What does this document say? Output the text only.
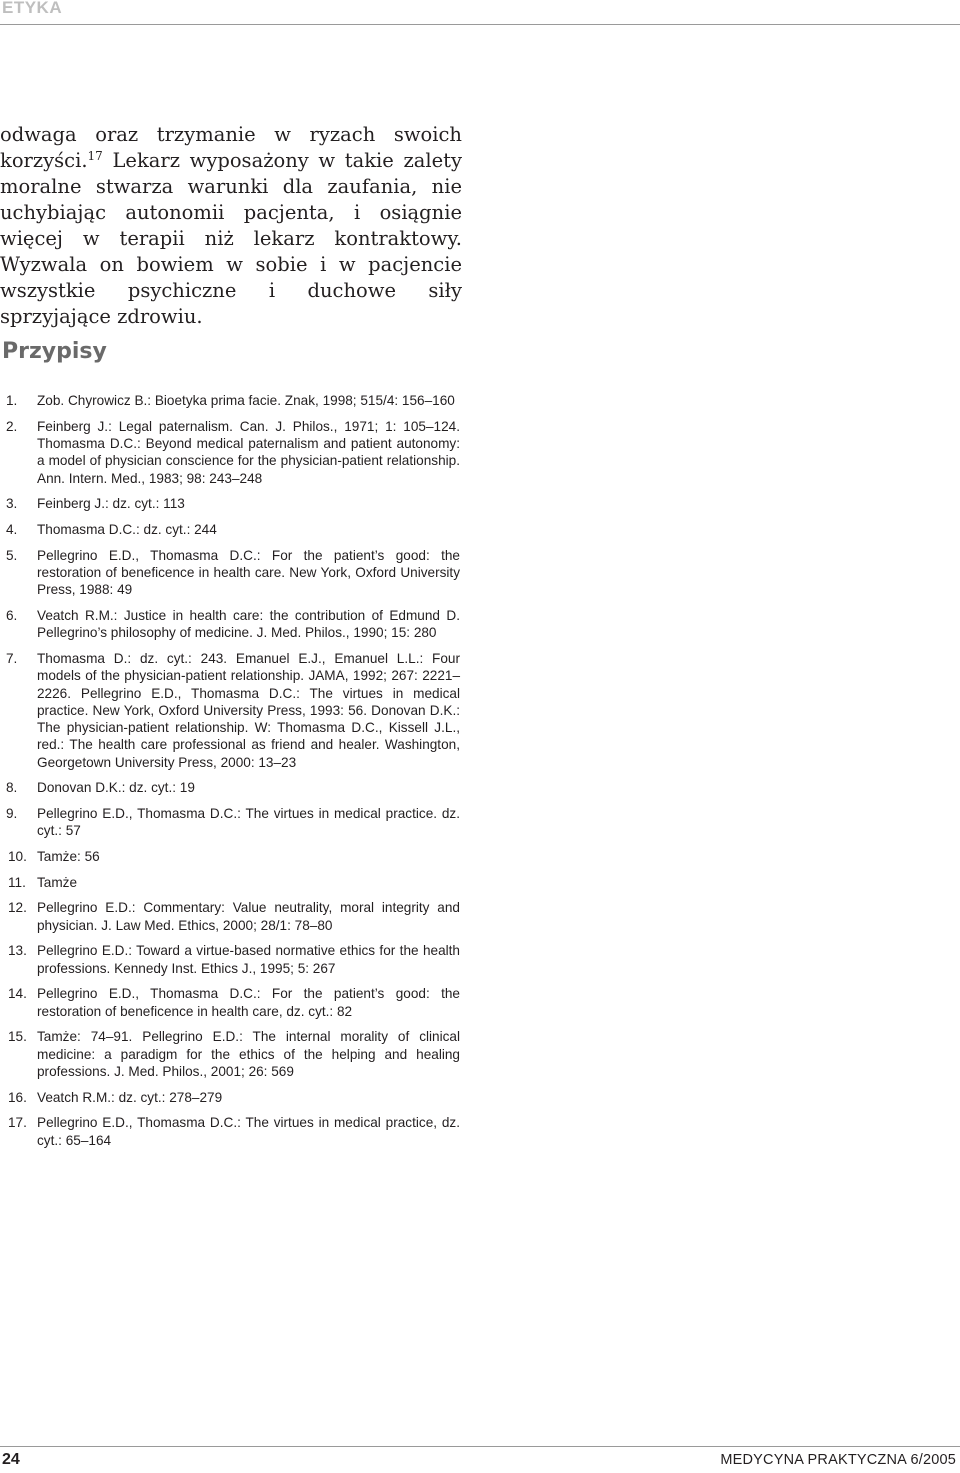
ETYKA

odwaga oraz trzymanie w ryzach swoich korzyści.$^{17}$ Lekarz wyposażony w takie zalety moralne stwarza warunki dla zaufania, nie uchybiając autonomii pacjenta, i osiągnie więcej w terapii niż lekarz kontraktowy. Wyzwala on bowiem w sobie i w pacjencie wszystkie psychiczne i duchowe siły sprzyjające zdrowiu.

Przypisy
1.	Zob. Chyrowicz B.: Bioetyka prima facie. Znak, 1998; 515/4: 156–160
2.	Feinberg J.: Legal paternalism. Can. J. Philos., 1971; 1: 105–124. Thomasma D.C.: Beyond medical paternalism and patient autonomy: a model of physician conscience for the physician-patient relationship. Ann. Intern. Med., 1983; 98: 243–248
3.	Feinberg J.: dz. cyt.: 113
4.	Thomasma D.C.: dz. cyt.: 244
5.	Pellegrino E.D., Thomasma D.C.: For the patient’s good: the restoration of beneficence in health care. New York, Oxford University Press, 1988: 49
6.	Veatch R.M.: Justice in health care: the contribution of Edmund D. Pellegrino’s philosophy of medicine. J. Med. Philos., 1990; 15: 280
7.	Thomasma D.: dz. cyt.: 243. Emanuel E.J., Emanuel L.L.: Four models of the physician-patient relationship. JAMA, 1992; 267: 2221–2226. Pellegrino E.D., Thomasma D.C.: The virtues in medical practice. New York, Oxford University Press, 1993: 56. Donovan D.K.: The physician-patient relationship. W: Thomasma D.C., Kissell J.L., red.: The health care professional as friend and healer. Washington, Georgetown University Press, 2000: 13–23
8.	Donovan D.K.: dz. cyt.: 19
9.	Pellegrino E.D., Thomasma D.C.: The virtues in medical practice. dz. cyt.: 57
10. Tamże: 56
11. Tamże
12. Pellegrino E.D.: Commentary: Value neutrality, moral integrity and physician. J. Law Med. Ethics, 2000; 28/1: 78–80
13. Pellegrino E.D.: Toward a virtue-based normative ethics for the health professions. Kennedy Inst. Ethics J., 1995; 5: 267
14. Pellegrino E.D., Thomasma D.C.: For the patient’s good: the restoration of beneficence in health care, dz. cyt.: 82
15. Tamże: 74–91. Pellegrino E.D.: The internal morality of clinical medicine: a paradigm for the ethics of the helping and healing professions. J. Med. Philos., 2001; 26: 569
16. Veatch R.M.: dz. cyt.: 278–279
17. Pellegrino E.D., Thomasma D.C.: The virtues in medical practice, dz. cyt.: 65–164
24	MEDYCYNA PRAKTYCZNA 6/2005
